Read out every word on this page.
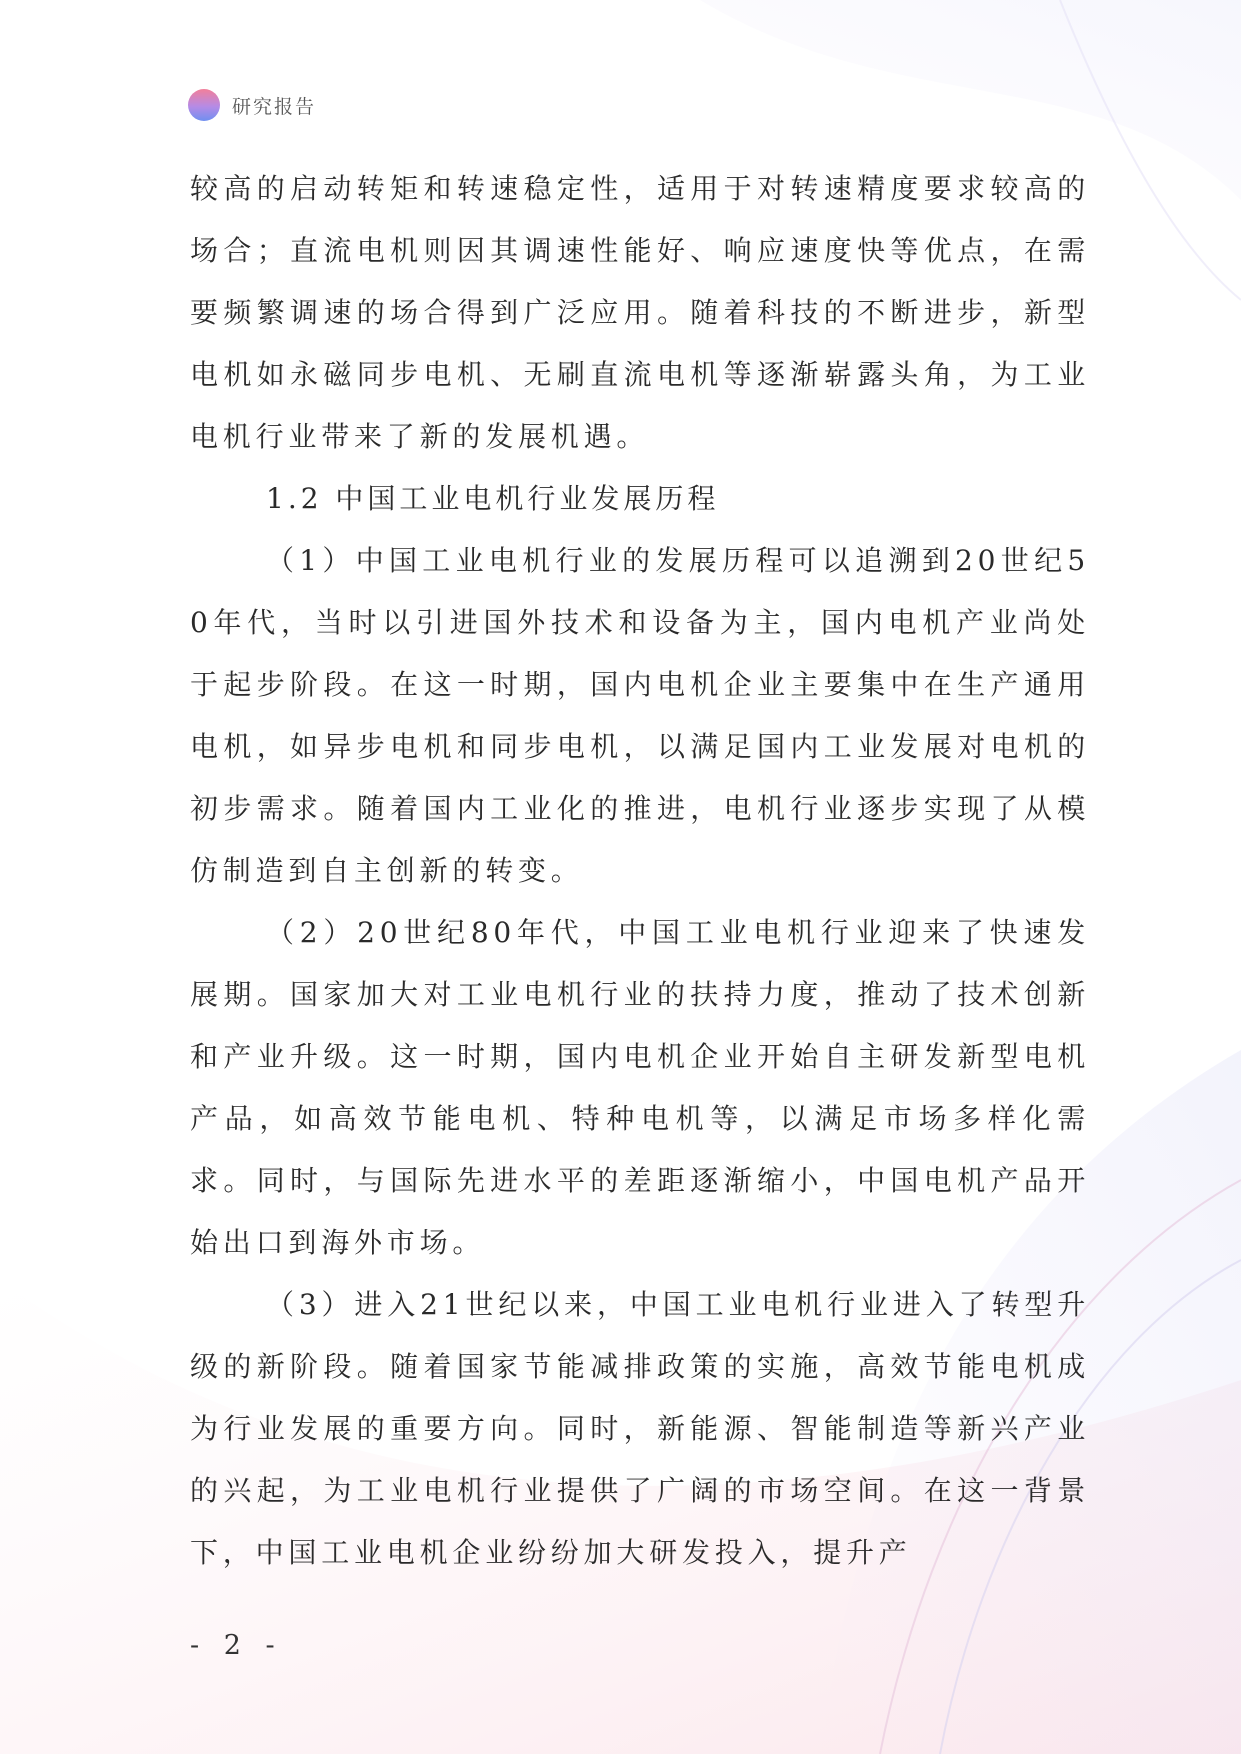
研究报告

较高的启动转矩和转速稳定性，适用于对转速精度要求较高的场合；直流电机则因其调速性能好、响应速度快等优点，在需要频繁调速的场合得到广泛应用。随着科技的不断进步，新型电机如永磁同步电机、无刷直流电机等逐渐崭露头角，为工业电机行业带来了新的发展机遇。

1.2 中国工业电机行业发展历程

（1）中国工业电机行业的发展历程可以追溯到20世纪50年代，当时以引进国外技术和设备为主，国内电机产业尚处于起步阶段。在这一时期，国内电机企业主要集中在生产通用电机，如异步电机和同步电机，以满足国内工业发展对电机的初步需求。随着国内工业化的推进，电机行业逐步实现了从模仿制造到自主创新的转变。

（2）20世纪80年代，中国工业电机行业迎来了快速发展期。国家加大对工业电机行业的扶持力度，推动了技术创新和产业升级。这一时期，国内电机企业开始自主研发新型电机产品，如高效节能电机、特种电机等，以满足市场多样化需求。同时，与国际先进水平的差距逐渐缩小，中国电机产品开始出口到海外市场。

（3）进入21世纪以来，中国工业电机行业进入了转型升级的新阶段。随着国家节能减排政策的实施，高效节能电机成为行业发展的重要方向。同时，新能源、智能制造等新兴产业的兴起，为工业电机行业提供了广阔的市场空间。在这一背景下，中国工业电机企业纷纷加大研发投入，提升产

- 2 -
